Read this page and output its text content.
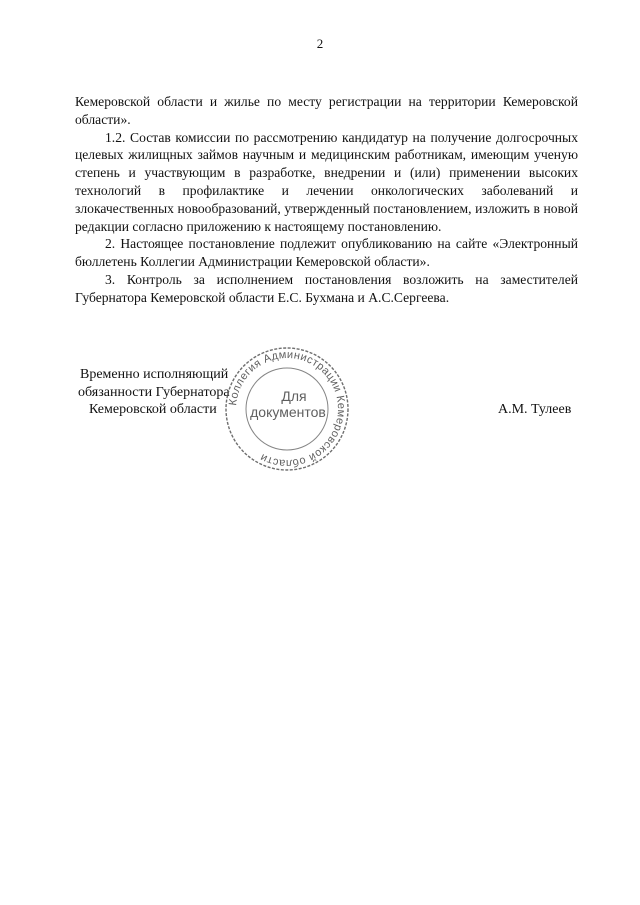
2

Кемеровской области и жилье по месту регистрации на территории Кемеровской области».

1.2. Состав комиссии по рассмотрению кандидатур на получение долгосрочных целевых жилищных займов научным и медицинским работникам, имеющим ученую степень и участвующим в разработке, внедрении и (или) применении высоких технологий в профилактике и лечении онкологических заболеваний и злокачественных новообразований, утвержденный постановлением, изложить в новой редакции согласно приложению к настоящему постановлению.

2. Настоящее постановление подлежит опубликованию на сайте «Электронный бюллетень Коллегии Администрации Кемеровской области».

3. Контроль за исполнением постановления возложить на заместителей Губернатора Кемеровской области Е.С. Бухмана и А.С.Сергеева.

Временно исполняющий
обязанности Губернатора
Кемеровской области	А.М. Тулеев
Коллегия Администрации Кемеровской области
Для
документов
